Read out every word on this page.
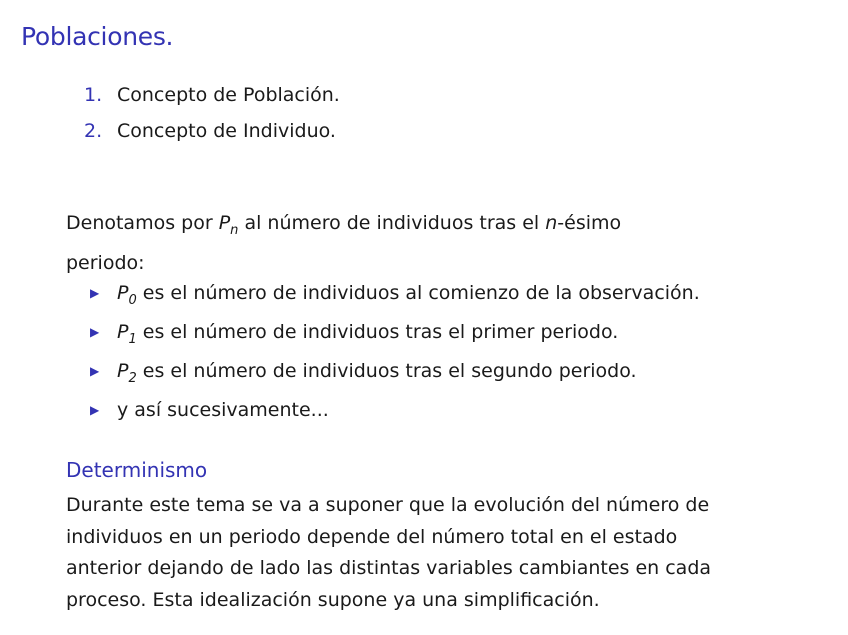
Poblaciones.
1. Concepto de Población.
2. Concepto de Individuo.

Denotamos por $P_n$ al número de individuos tras el n-ésimo
periodo:

▶ $P_0$ es el número de individuos al comienzo de la observación.
▶ $P_1$ es el número de individuos tras el primer periodo.
▶ $P_2$ es el número de individuos tras el segundo periodo.
▶ y así sucesivamente...
Determinismo

Durante este tema se va a suponer que la evolución del número de
individuos en un periodo depende del número total en el estado
anterior dejando de lado las distintas variables cambiantes en cada
proceso. Esta idealización supone ya una simplificación.
